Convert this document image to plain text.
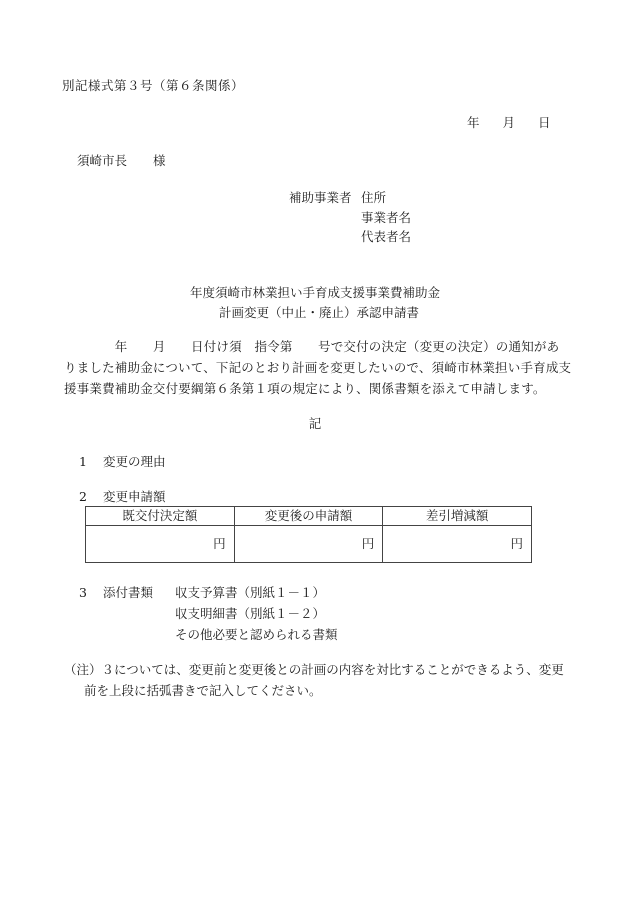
別記様式第３号（第６条関係）
年 月 日
須崎市長 様
補助事業者 住所
事業者名
代表者名
年度須崎市林業担い手育成支援事業費補助金
計画変更（中止・廃止）承認申請書
　　　　年　　月　　日付け須　指令第　　号で交付の決定（変更の決定）の通知があ
りました補助金について、下記のとおり計画を変更したいので、須崎市林業担い手育成支
援事業費補助金交付要綱第６条第１項の規定により、関係書類を添えて申請します。
記
1 変更の理由
2 変更申請額
既交付決定額	変更後の申請額	差引増減額
円	円	円
3 添付書類	収支予算書（別紙１－１）
収支明細書（別紙１－２）
その他必要と認められる書類
（注）３については、変更前と変更後との計画の内容を対比することができるよう、変更
前を上段に括弧書きで記入してください。
